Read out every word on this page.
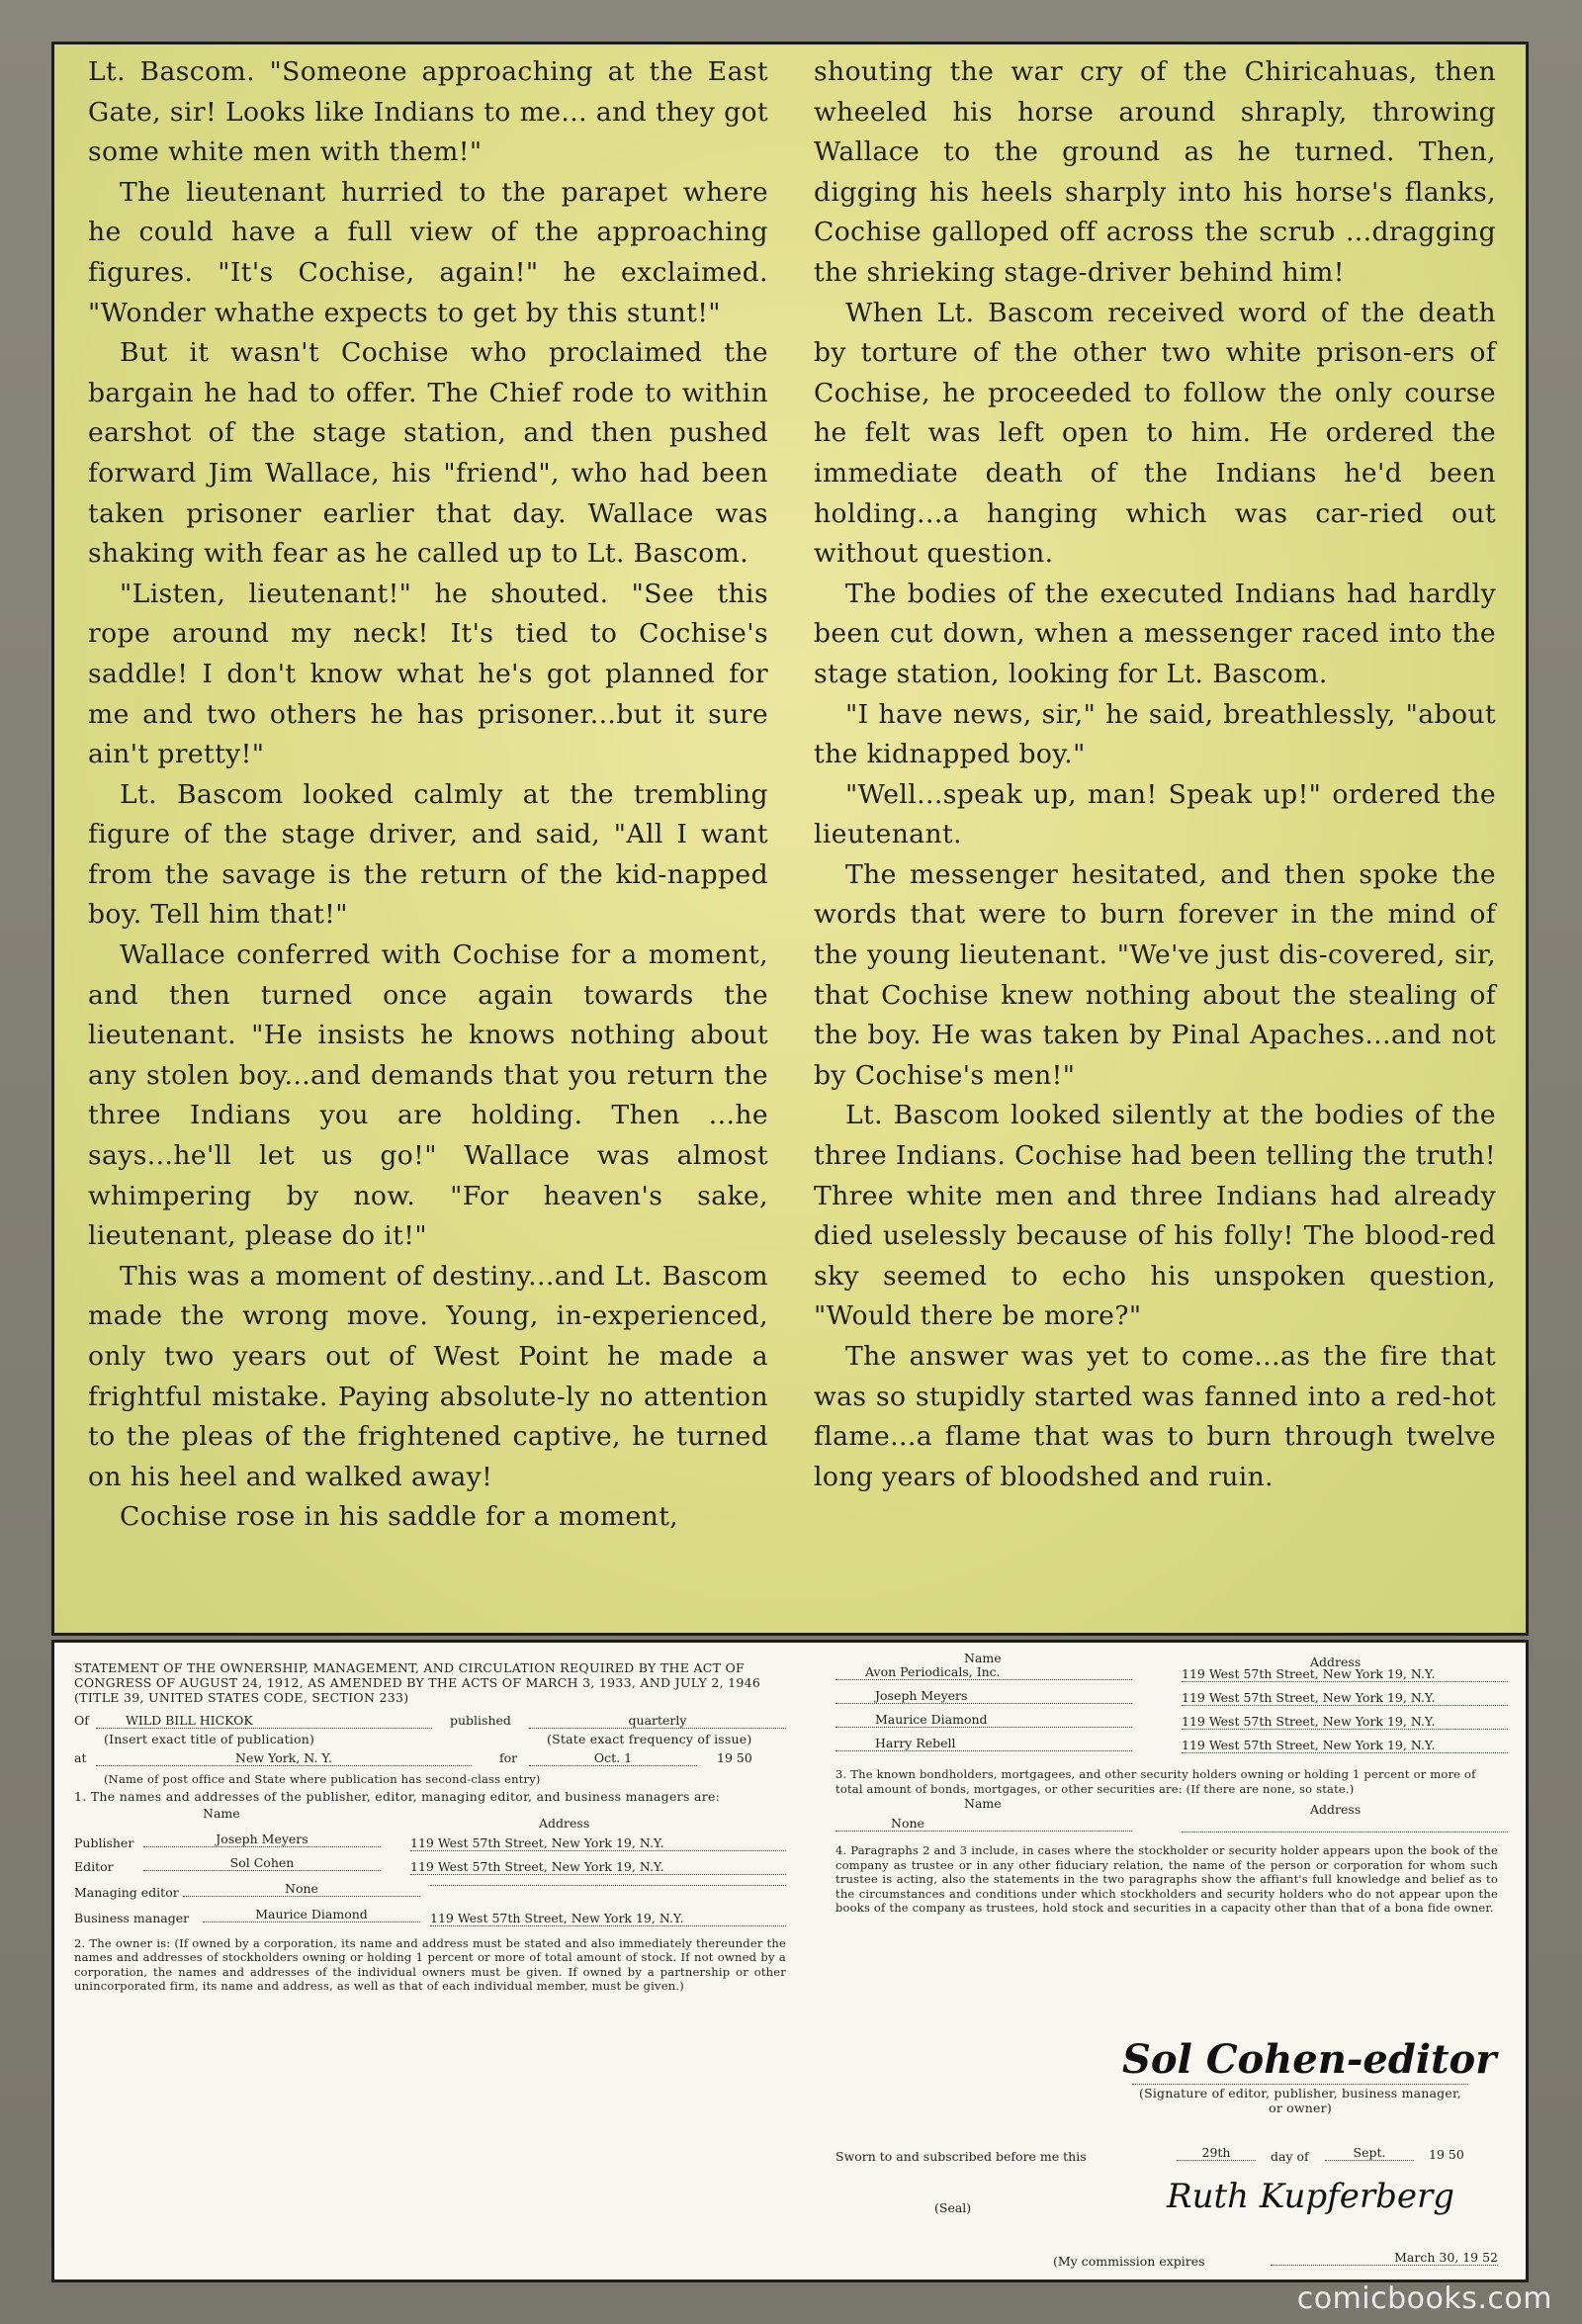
Lt. Bascom. "Someone approaching at the East Gate, sir! Looks like Indians to me... and they got some white men with them!"

The lieutenant hurried to the parapet where he could have a full view of the approaching figures. "It's Cochise, again!" he exclaimed. "Wonder whathe expects to get by this stunt!"

But it wasn't Cochise who proclaimed the bargain he had to offer. The Chief rode to within earshot of the stage station, and then pushed forward Jim Wallace, his "friend", who had been taken prisoner earlier that day. Wallace was shaking with fear as he called up to Lt. Bascom.

"Listen, lieutenant!" he shouted. "See this rope around my neck! It's tied to Cochise's saddle! I don't know what he's got planned for me and two others he has prisoner...but it sure ain't pretty!"

Lt. Bascom looked calmly at the trembling figure of the stage driver, and said, "All I want from the savage is the return of the kid-napped boy. Tell him that!"

Wallace conferred with Cochise for a moment, and then turned once again towards the lieutenant. "He insists he knows nothing about any stolen boy...and demands that you return the three Indians you are holding. Then ...he says...he'll let us go!" Wallace was almost whimpering by now. "For heaven's sake, lieutenant, please do it!"

This was a moment of destiny...and Lt. Bascom made the wrong move. Young, in-experienced, only two years out of West Point he made a frightful mistake. Paying absolute-ly no attention to the pleas of the frightened captive, he turned on his heel and walked away!

Cochise rose in his saddle for a moment,

shouting the war cry of the Chiricahuas, then wheeled his horse around shraply, throwing Wallace to the ground as he turned. Then, digging his heels sharply into his horse's flanks, Cochise galloped off across the scrub ...dragging the shrieking stage-driver behind him!

When Lt. Bascom received word of the death by torture of the other two white prison-ers of Cochise, he proceeded to follow the only course he felt was left open to him. He ordered the immediate death of the Indians he'd been holding...a hanging which was car-ried out without question.

The bodies of the executed Indians had hardly been cut down, when a messenger raced into the stage station, looking for Lt. Bascom.

"I have news, sir," he said, breathlessly, "about the kidnapped boy."

"Well...speak up, man! Speak up!" ordered the lieutenant.

The messenger hesitated, and then spoke the words that were to burn forever in the mind of the young lieutenant. "We've just dis-covered, sir, that Cochise knew nothing about the stealing of the boy. He was taken by Pinal Apaches...and not by Cochise's men!"

Lt. Bascom looked silently at the bodies of the three Indians. Cochise had been telling the truth! Three white men and three Indians had already died uselessly because of his folly! The blood-red sky seemed to echo his unspoken question, "Would there be more?"

The answer was yet to come...as the fire that was so stupidly started was fanned into a red-hot flame...a flame that was to burn through twelve long years of bloodshed and ruin.

STATEMENT OF THE OWNERSHIP, MANAGEMENT, AND CIRCULATION REQUIRED BY THE ACT OF CONGRESS OF AUGUST 24, 1912, AS AMENDED BY THE ACTS OF MARCH 3, 1933, AND JULY 2, 1946 (TITLE 39, UNITED STATES CODE, SECTION 233)
Of	WILD BILL HICKOK	published	quarterly
(Insert exact title of publication)	(State exact frequency of issue)
at	New York, N. Y.	for	Oct. 1	19 50
(Name of post office and State where publication has second-class entry)
1. The names and addresses of the publisher, editor, managing editor, and business managers are:
Name
Address
Publisher	Joseph Meyers	119 West 57th Street, New York 19, N.Y.
Editor	Sol Cohen	119 West 57th Street, New York 19, N.Y.
Managing editor	None
Business manager	Maurice Diamond	119 West 57th Street, New York 19, N.Y.
2. The owner is: (If owned by a corporation, its name and address must be stated and also immediately thereunder the names and addresses of stockholders owning or holding 1 percent or more of total amount of stock. If not owned by a corporation, the names and addresses of the individual owners must be given. If owned by a partnership or other unincorporated firm, its name and address, as well as that of each individual member, must be given.)
Name	Address
Avon Periodicals, Inc.	119 West 57th Street, New York 19, N.Y.
Joseph Meyers	119 West 57th Street, New York 19, N.Y.
Maurice Diamond	119 West 57th Street, New York 19, N.Y.
Harry Rebell	119 West 57th Street, New York 19, N.Y.
3. The known bondholders, mortgagees, and other security holders owning or holding 1 percent or more of total amount of bonds, mortgages, or other securities are: (If there are none, so state.)
Name	Address
None
4. Paragraphs 2 and 3 include, in cases where the stockholder or security holder appears upon the book of the company as trustee or in any other fiduciary relation, the name of the person or corporation for whom such trustee is acting, also the statements in the two paragraphs show the affiant's full knowledge and belief as to the circumstances and conditions under which stockholders and security holders who do not appear upon the books of the company as trustees, hold stock and securities in a capacity other than that of a bona fide owner.
Sol Cohen-editor
(Signature of editor, publisher, business manager, or owner)
Sworn to and subscribed before me this	29th	day of	Sept.	19 50
(Seal)	Ruth Kupferberg
(My commission expires	March 30, 19 52
comicbooks.com
